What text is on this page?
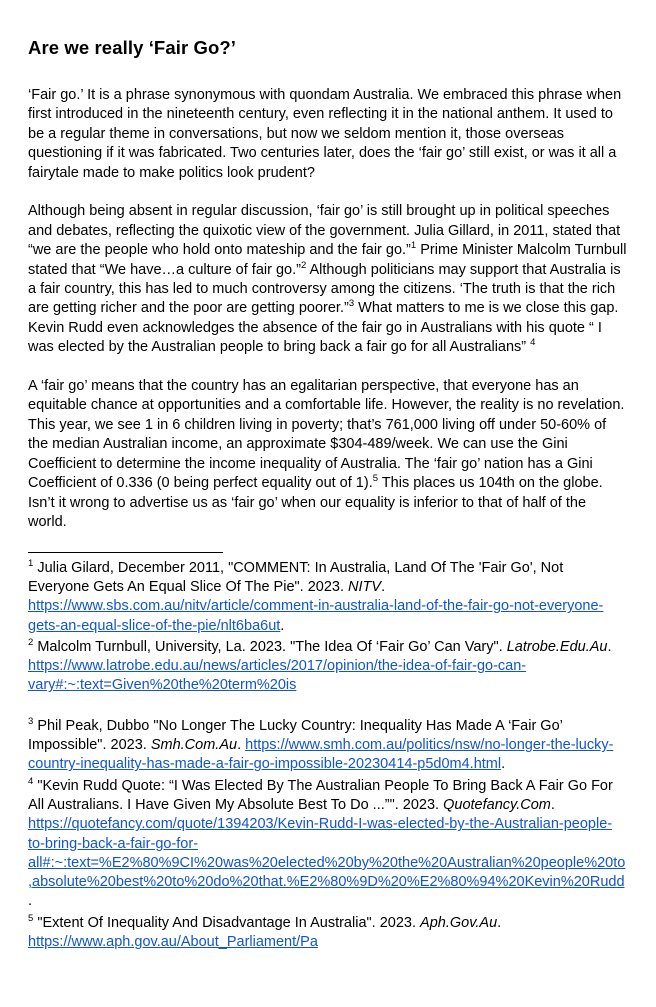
Are we really ‘Fair Go?’

‘Fair go.’ It is a phrase synonymous with quondam Australia. We embraced this phrase when first introduced in the nineteenth century, even reflecting it in the national anthem. It used to be a regular theme in conversations, but now we seldom mention it, those overseas questioning if it was fabricated. Two centuries later, does the ‘fair go’ still exist, or was it all a fairytale made to make politics look prudent?

Although being absent in regular discussion, ‘fair go’ is still brought up in political speeches and debates, reflecting the quixotic view of the government. Julia Gillard, in 2011, stated that “we are the people who hold onto mateship and the fair go.”$^1$ Prime Minister Malcolm Turnbull stated that “We have…a culture of fair go.”$^2$ Although politicians may support that Australia is a fair country, this has led to much controversy among the citizens. ‘The truth is that the rich are getting richer and the poor are getting poorer.”$^3$ What matters to me is we close this gap. Kevin Rudd even acknowledges the absence of the fair go in Australians with his quote “ I was elected by the Australian people to bring back a fair go for all Australians” $^4$

A ‘fair go’ means that the country has an egalitarian perspective, that everyone has an equitable chance at opportunities and a comfortable life. However, the reality is no revelation. This year, we see 1 in 6 children living in poverty; that’s 761,000 living off under 50-60% of the median Australian income, an approximate $304-489/week. We can use the Gini Coefficient to determine the income inequality of Australia. The ‘fair go’ nation has a Gini Coefficient of 0.336 (0 being perfect equality out of 1).$^5$ This places us 104th on the globe. Isn’t it wrong to advertise us as ‘fair go’ when our equality is inferior to that of half of the world.

$^1$ Julia Gilard, December 2011, "COMMENT: In Australia, Land Of The 'Fair Go', Not Everyone Gets An Equal Slice Of The Pie". 2023. NITV. https://www.sbs.com.au/nitv/article/comment-in-australia-land-of-the-fair-go-not-everyone-gets-an-equal-slice-of-the-pie/nlt6ba6ut.
$^2$ Malcolm Turnbull, University, La. 2023. "The Idea Of ‘Fair Go’ Can Vary". Latrobe.Edu.Au. https://www.latrobe.edu.au/news/articles/2017/opinion/the-idea-of-fair-go-can-vary#:~:text=Given%20the%20term%20is
$^3$ Phil Peak, Dubbo "No Longer The Lucky Country: Inequality Has Made A ‘Fair Go’ Impossible". 2023. Smh.Com.Au. https://www.smh.com.au/politics/nsw/no-longer-the-lucky-country-inequality-has-made-a-fair-go-impossible-20230414-p5d0m4.html.
$^4$ "Kevin Rudd Quote: “I Was Elected By The Australian People To Bring Back A Fair Go For All Australians. I Have Given My Absolute Best To Do ...”". 2023. Quotefancy.Com. https://quotefancy.com/quote/1394203/Kevin-Rudd-I-was-elected-by-the-Australian-people-to-bring-back-a-fair-go-for-all#:~:text=%E2%80%9CI%20was%20elected%20by%20the%20Australian%20people%20to,absolute%20best%20to%20do%20that.%E2%80%9D%20%E2%80%94%20Kevin%20Rudd.
$^5$ "Extent Of Inequality And Disadvantage In Australia". 2023. Aph.Gov.Au. https://www.aph.gov.au/About_Parliament/Pa
